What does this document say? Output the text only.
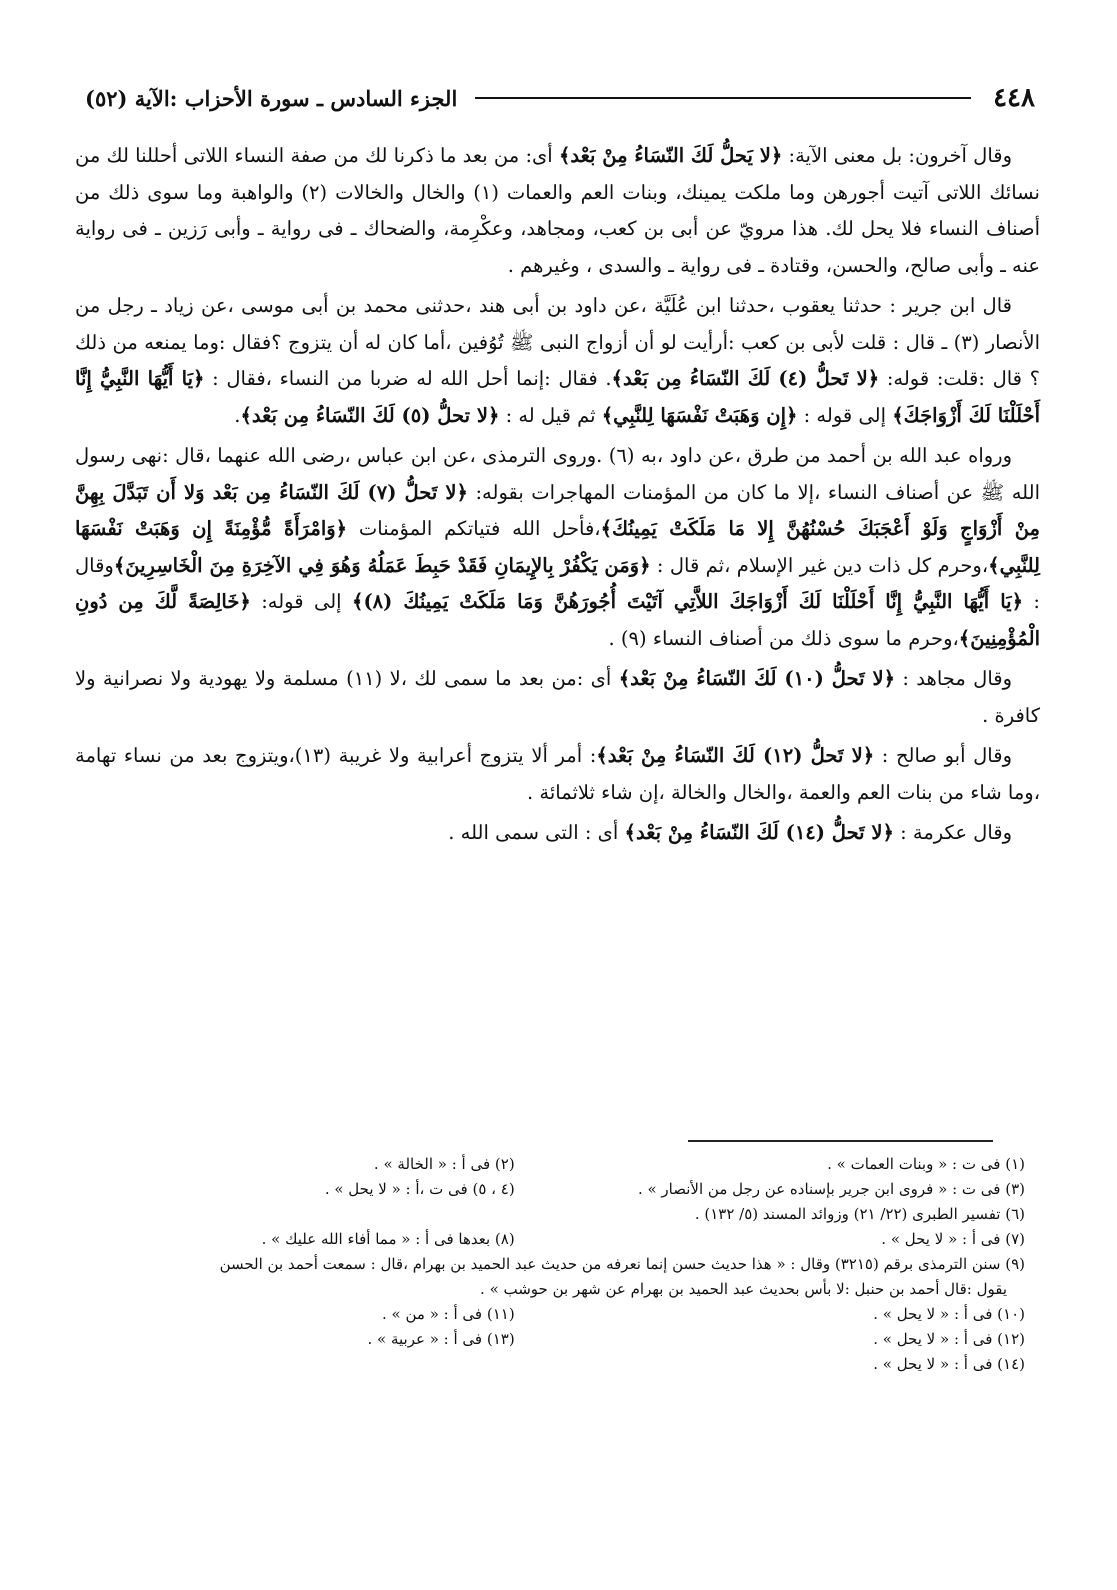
٤٤٨
الجزء السادس ـ سورة الأحزاب :الآية (٥٢)

وقال آخرون: بل معنى الآية: ﴿لا يَحلُّ لَكَ النّسَاءُ مِنْ بَعْد﴾ أى: من بعد ما ذكرنا لك من صفة النساء اللاتى أحللنا لك من نسائك اللاتى آتيت أجورهن وما ملكت يمينك، وبنات العم والعمات (١) والخال والخالات (٢) والواهبة وما سوى ذلك من أصناف النساء فلا يحل لك. هذا مرويّ عن أبى بن كعب، ومجاهد، وعكْرِمة، والضحاك ـ فى رواية ـ وأبى رَزين ـ فى رواية عنه ـ وأبى صالح، والحسن، وقتادة ـ فى رواية ـ والسدى ، وغيرهم .

قال ابن جرير : حدثنا يعقوب ،حدثنا ابن عُلَيَّة ،عن داود بن أبى هند ،حدثنى محمد بن أبى موسى ،عن زياد ـ رجل من الأنصار (٣) ـ قال : قلت لأبى بن كعب :أرأيت لو أن أزواج النبى ﷺ تُوُفين ،أما كان له أن يتزوج ؟فقال :وما يمنعه من ذلك ؟ قال :قلت: قوله: ﴿لا تَحلُّ (٤) لَكَ النّسَاءُ مِن بَعْد﴾. فقال :إنما أحل الله له ضربا من النساء ،فقال : ﴿يَا أَيُّهَا النَّبِيُّ إِنَّا أَحْلَلْنَا لَكَ أَزْوَاجَكَ﴾ إلى قوله : ﴿إِن وَهَبَتْ نَفْسَهَا لِلنَّبِي﴾ ثم قيل له : ﴿لا تحلُّ (٥) لَكَ النّسَاءُ مِن بَعْد﴾.

ورواه عبد الله بن أحمد من طرق ،عن داود ،به (٦) .وروى الترمذى ،عن ابن عباس ،رضى الله عنهما ،قال :نهى رسول الله ﷺ عن أصناف النساء ،إلا ما كان من المؤمنات المهاجرات بقوله: ﴿لا تَحلُّ (٧) لَكَ النّسَاءُ مِن بَعْد وَلا أَن تَبَدَّلَ بِهِنَّ مِنْ أَزْوَاجٍ وَلَوْ أَعْجَبَكَ حُسْنُهُنَّ إِلا مَا مَلَكَتْ يَمِينُكَ﴾،فأحل الله فتياتكم المؤمنات ﴿وَامْرَأَةً مُّؤْمِنَةً إِن وَهَبَتْ نَفْسَهَا لِلنَّبِي﴾،وحرم كل ذات دين غير الإسلام ،ثم قال : ﴿وَمَن يَكْفُرْ بِالإِيمَانِ فَقَدْ حَبِطَ عَمَلُهُ وَهُوَ فِي الآخِرَةِ مِنَ الْخَاسِرِينَ﴾وقال : ﴿يَا أَيُّهَا النَّبِيُّ إِنَّا أَحْلَلْنَا لَكَ أَزْوَاجَكَ اللاَّتِي آتَيْتَ أُجُورَهُنَّ وَمَا مَلَكَتْ يَمِينُكَ (٨)﴾ إلى قوله: ﴿خَالِصَةً لَّكَ مِن دُونِ الْمُؤْمِنِينَ﴾،وحرم ما سوى ذلك من أصناف النساء (٩) .

وقال مجاهد : ﴿لا تَحلُّ (١٠) لَكَ النّسَاءُ مِنْ بَعْد﴾ أى :من بعد ما سمى لك ،لا (١١) مسلمة ولا يهودية ولا نصرانية ولا كافرة .

وقال أبو صالح : ﴿لا تَحلُّ (١٢) لَكَ النّسَاءُ مِنْ بَعْد﴾: أمر ألا يتزوج أعرابية ولا غريبة (١٣)،ويتزوج بعد من نساء تهامة ،وما شاء من بنات العم والعمة ،والخال والخالة ،إن شاء ثلاثمائة .

وقال عكرمة : ﴿لا تَحلُّ (١٤) لَكَ النّسَاءُ مِنْ بَعْد﴾ أى : التى سمى الله .

(١) فى ت : « وبنات العمات » .
(٢) فى أ : « الخالة » .
(٣) فى ت : « فروى ابن جرير بإسناده عن رجل من الأنصار » .
(٤ ، ٥) فى ت ،أ : « لا يحل » .
(٦) تفسير الطبرى (٢٢/ ٢١) وزوائد المسند (٥/ ١٣٢) .
(٧) فى أ : « لا يحل » .
(٨) بعدها فى أ : « مما أفاء الله عليك » .
(٩) سنن الترمذى برقم (٣٢١٥) وقال : « هذا حديث حسن إنما نعرفه من حديث عبد الحميد بن بهرام ،قال : سمعت أحمد بن الحسن
يقول :قال أحمد بن حنبل :لا بأس بحديث عبد الحميد بن بهرام عن شهر بن حوشب » .
(١٠) فى أ : « لا يحل » .
(١١) فى أ : « من » .
(١٢) فى أ : « لا يحل » .
(١٣) فى أ : « عربية » .
(١٤) فى أ : « لا يحل » .
